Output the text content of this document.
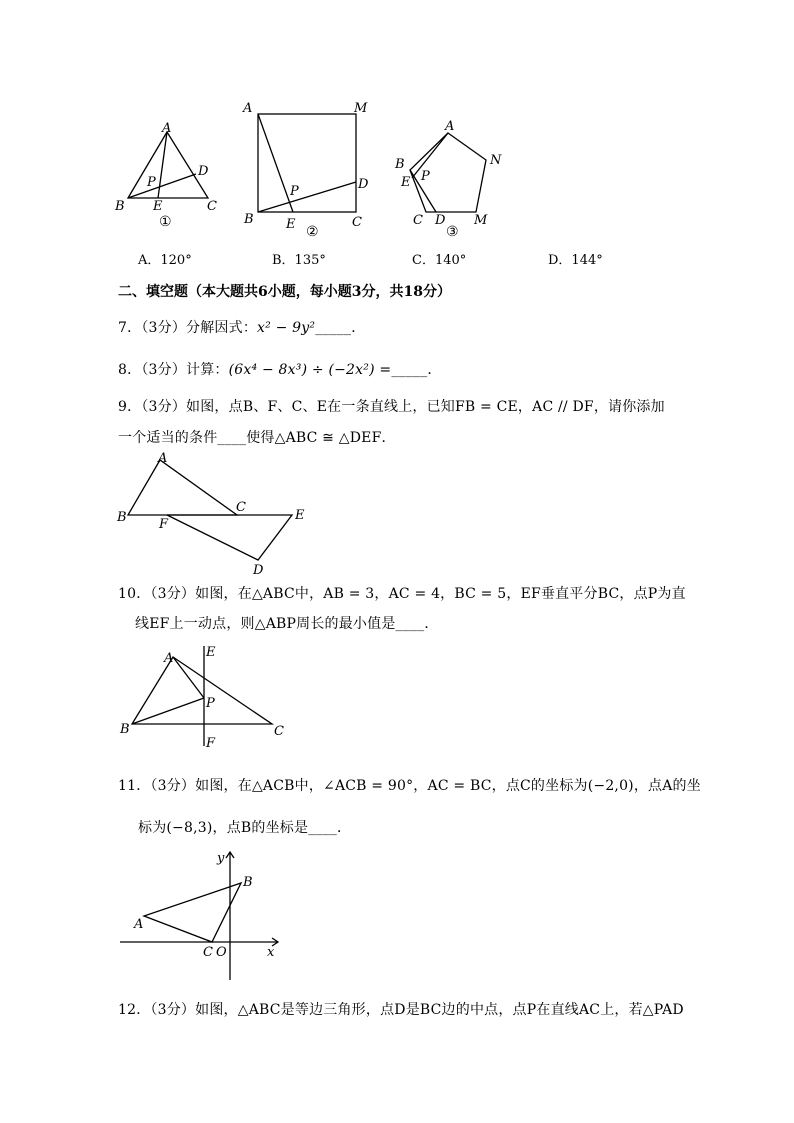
A
B	C
D
E
P
①
A	M
B	C
D
E
P
②
A
N
B
E P
C D M
③
A．120°	B．135°	C．140°	D．144°
二、填空题（本大题共6小题，每小题3分，共18分）
7．（3分）分解因式：x² − 9y²_____．
8．（3分）计算：(6x⁴ − 8x³) ÷ (−2x²) =_____．
9．（3分）如图，点B、F、C、E在一条直线上，已知FB = CE，AC // DF，请你添加
一个适当的条件____使得△ABC ≅ △DEF．
A
B
C
E
F
D
10．（3分）如图，在△ABC中，AB = 3，AC = 4，BC = 5，EF垂直平分BC，点P为直
线EF上一动点，则△ABP周长的最小值是____．
A
B	C
E
F
P
11．（3分）如图，在△ACB中，∠ACB = 90°，AC = BC，点C的坐标为(−2,0)，点A的坐
标为(−8,3)，点B的坐标是____．
A
B
C O	x
y
12．（3分）如图，△ABC是等边三角形，点D是BC边的中点，点P在直线AC上，若△PAD
